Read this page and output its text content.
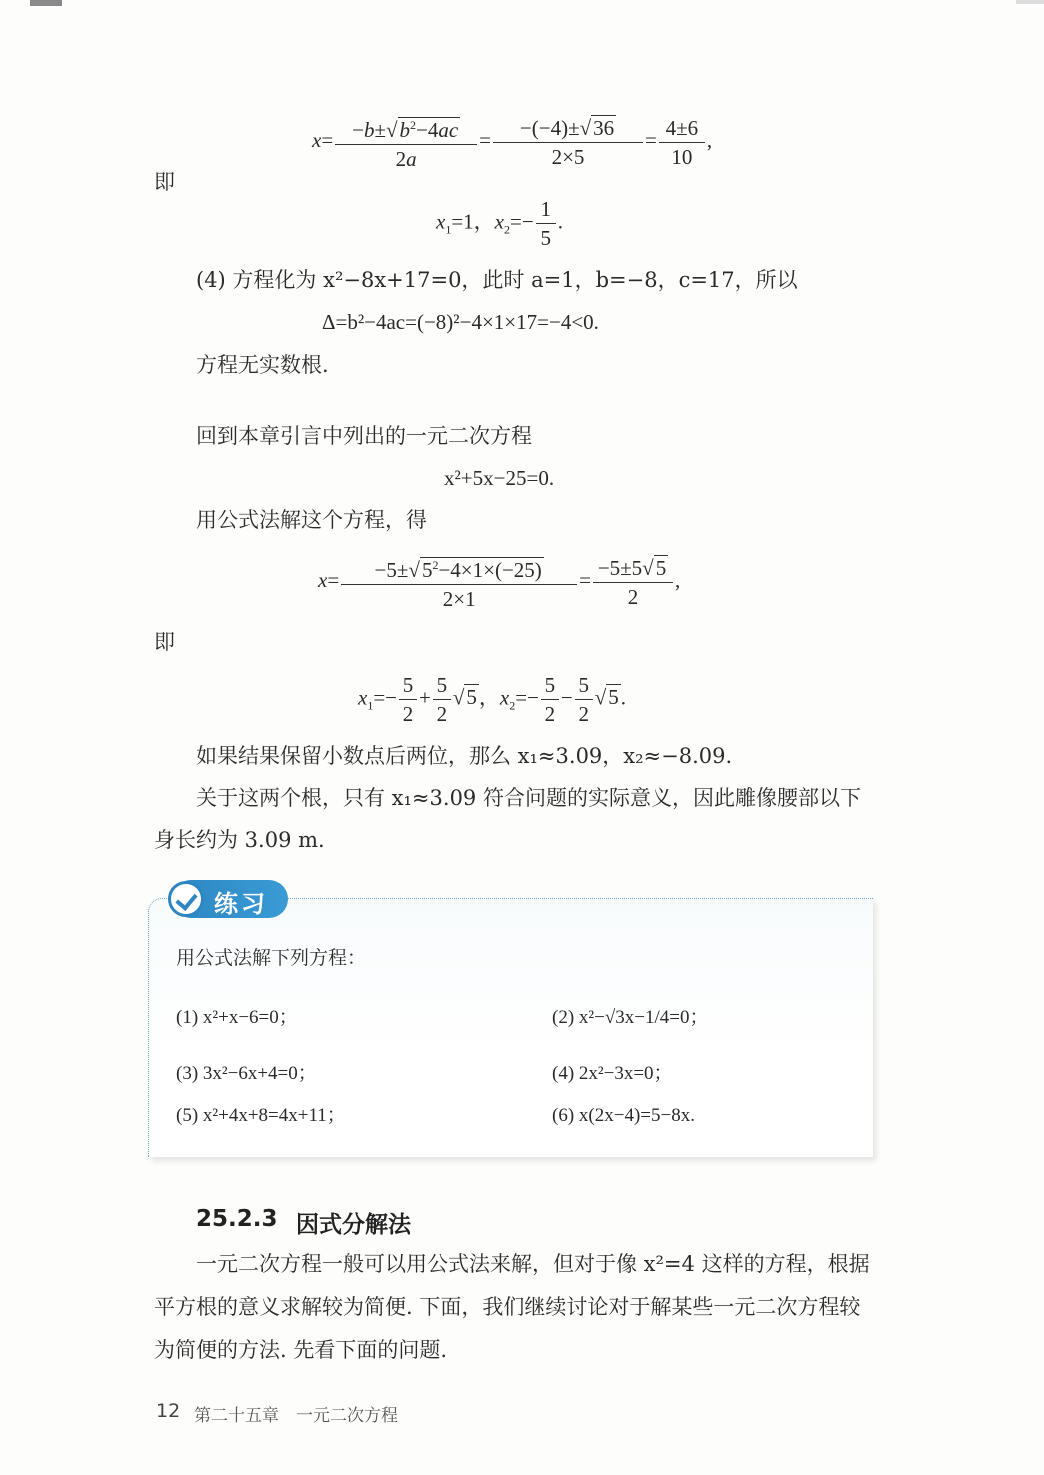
$x= \frac{-b\pm√b^2-4ac}{2a} = \frac{-(-4)\pm√36}{2\times 5} = \frac{4\pm 6}{10}$ ,
即
$x_1=1$，$x_2=- \frac{1}{5}$ .
(4) 方程化为 x²−8x+17=0，此时 a=1，b=−8，c=17，所以
Δ=b²−4ac=(−8)²−4×1×17=−4<0.
方程无实数根.
回到本章引言中列出的一元二次方程
x²+5x−25=0.
用公式法解这个方程，得
$x= \frac{-5\pm√5^2-4\times 1\times(-25)}{2\times 1} = \frac{-5\pm 5√5}{2}$ ,
即
$x_1=- \frac{5}{2} + \frac{5}{2} √5$，$x_2=- \frac{5}{2} - \frac{5}{2} √5$.
如果结果保留小数点后两位，那么 x₁≈3.09，x₂≈−8.09.
关于这两个根，只有 x₁≈3.09 符合问题的实际意义，因此雕像腰部以下
身长约为 3.09 m.
练习
用公式法解下列方程：
(1) x²+x−6=0；	(2) x²−√3x−1/4=0；
(3) 3x²−6x+4=0；	(4) 2x²−3x=0；
(5) x²+4x+8=4x+11；	(6) x(2x−4)=5−8x.
25.2.3 因式分解法
一元二次方程一般可以用公式法来解，但对于像 x²=4 这样的方程，根据
平方根的意义求解较为简便. 下面，我们继续讨论对于解某些一元二次方程较
为简便的方法. 先看下面的问题.
12 第二十五章　一元二次方程
